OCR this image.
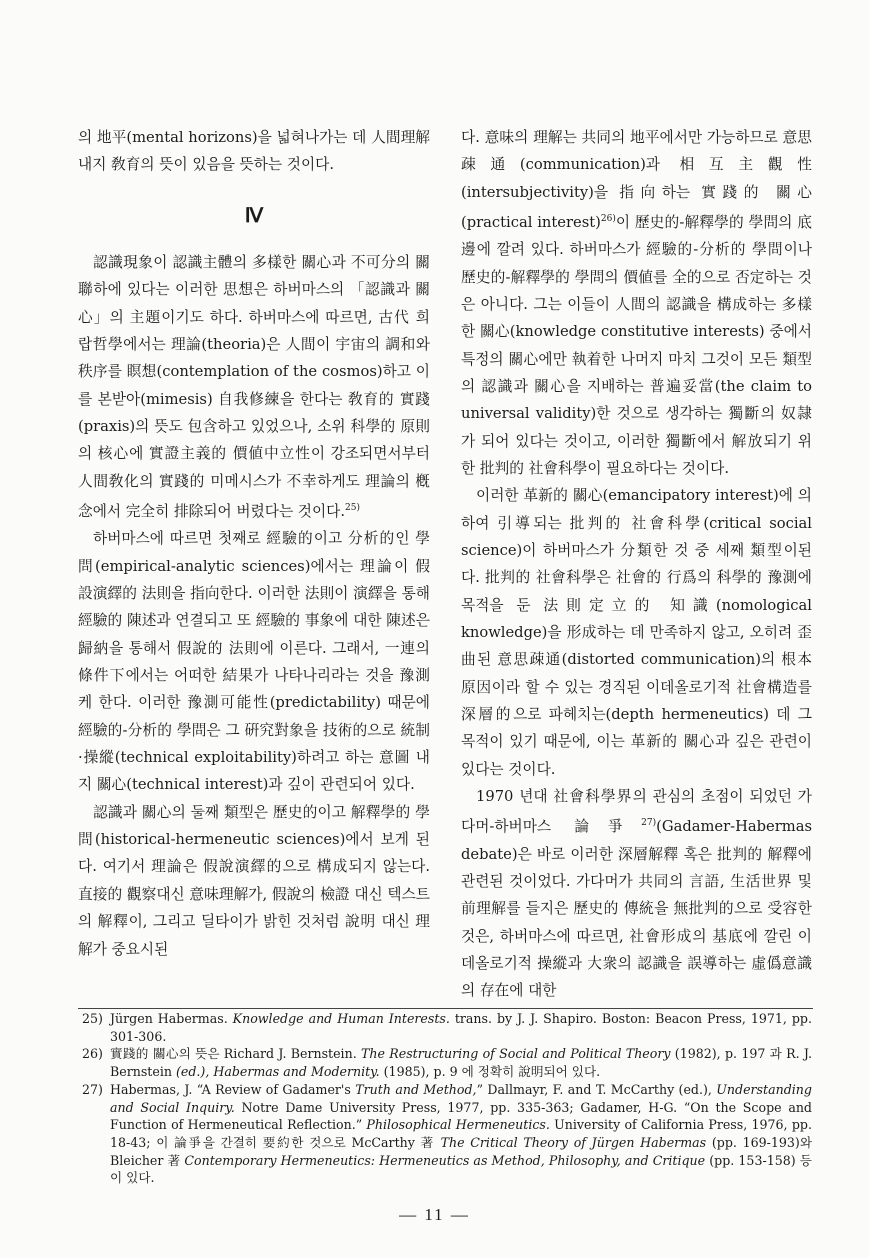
의 地平(mental horizons)을 넓혀나가는 데 人間理解 내지 敎育의 뜻이 있음을 뜻하는 것이다.

Ⅳ

認識現象이 認識主體의 多樣한 關心과 不可分의 關聯하에 있다는 이러한 思想은 하버마스의 「認識과 關心」의 主題이기도 하다. 하버마스에 따르면, 古代 희랍哲學에서는 理論(theoria)은 人間이 宇宙의 調和와 秩序를 瞑想(contemplation of the cosmos)하고 이를 본받아(mimesis) 自我修練을 한다는 敎育的 實踐(praxis)의 뜻도 包含하고 있었으나, 소위 科學的 原則의 核心에 實證主義的 價値中立性이 강조되면서부터 人間敎化의 實踐的 미메시스가 不幸하게도 理論의 槪念에서 完全히 排除되어 버렸다는 것이다.$^{25)}$

하버마스에 따르면 첫째로 經驗的이고 分析的인 學問(empirical-analytic sciences)에서는 理論이 假設演繹的 法則을 指向한다. 이러한 法則이 演繹을 통해 經驗的 陳述과 연결되고 또 經驗的 事象에 대한 陳述은 歸納을 통해서 假說的 法則에 이른다. 그래서, 一連의 條件下에서는 어떠한 結果가 나타나리라는 것을 豫測케 한다. 이러한 豫測可能性(predictability) 때문에 經驗的-分析的 學問은 그 硏究對象을 技術的으로 統制·操縱(technical exploitability)하려고 하는 意圖 내지 關心(technical interest)과 깊이 관련되어 있다.

認識과 關心의 둘째 類型은 歷史的이고 解釋學的 學問(historical-hermeneutic sciences)에서 보게 된다. 여기서 理論은 假說演繹的으로 構成되지 않는다. 直接的 觀察대신 意味理解가, 假說의 檢證 대신 텍스트의 解釋이, 그리고 딜타이가 밝힌 것처럼 說明 대신 理解가 중요시된

다. 意味의 理解는 共同의 地平에서만 가능하므로 意思疎通(communication)과 相互主觀性(intersubjectivity)을 指向하는 實踐的 關心(practical interest)$^{26)}$이 歷史的-解釋學的 學問의 底邊에 깔려 있다. 하버마스가 經驗的-分析的 學問이나 歷史的-解釋學的 學問의 價値를 全的으로 否定하는 것은 아니다. 그는 이들이 人間의 認識을 構成하는 多樣한 關心(knowledge constitutive interests) 중에서 특정의 關心에만 執着한 나머지 마치 그것이 모든 類型의 認識과 關心을 지배하는 普遍妥當(the claim to universal validity)한 것으로 생각하는 獨斷의 奴隷가 되어 있다는 것이고, 이러한 獨斷에서 解放되기 위한 批判的 社會科學이 필요하다는 것이다.

이러한 革新的 關心(emancipatory interest)에 의하여 引導되는 批判的 社會科學(critical social science)이 하버마스가 分類한 것 중 세째 類型이된다. 批判的 社會科學은 社會的 行爲의 科學的 豫測에 목적을 둔 法則定立的 知識(nomological knowledge)을 形成하는 데 만족하지 않고, 오히려 歪曲된 意思疎通(distorted communication)의 根本原因이라 할 수 있는 경직된 이데올로기적 社會構造를 深層的으로 파헤치는(depth hermeneutics) 데 그 목적이 있기 때문에, 이는 革新的 關心과 깊은 관련이 있다는 것이다.

1970 년대 社會科學界의 관심의 초점이 되었던 가다머-하버마스 論爭$^{27)}$(Gadamer-Habermas debate)은 바로 이러한 深層解釋 혹은 批判的 解釋에 관련된 것이었다. 가다머가 共同의 言語, 生活世界 및 前理解를 들지은 歷史的 傳統을 無批判的으로 受容한 것은, 하버마스에 따르면, 社會形成의 基底에 깔린 이데올로기적 操縱과 大衆의 認識을 誤導하는 虛僞意識의 存在에 대한

25) Jürgen Habermas. Knowledge and Human Interests. trans. by J. J. Shapiro. Boston: Beacon Press, 1971, pp. 301-306.
26) 實踐的 關心의 뜻은 Richard J. Bernstein. The Restructuring of Social and Political Theory (1982), p. 197 과 R. J. Bernstein (ed.), Habermas and Modernity. (1985), p. 9 에 정확히 說明되어 있다.
27) Habermas, J. “A Review of Gadamer's Truth and Method,” Dallmayr, F. and T. McCarthy (ed.), Understanding and Social Inquiry. Notre Dame University Press, 1977, pp. 335-363; Gadamer, H-G. “On the Scope and Function of Hermeneutical Reflection.” Philosophical Hermeneutics. University of California Press, 1976, pp. 18-43; 이 論爭을 간결히 要約한 것으로 McCarthy 著 The Critical Theory of Jürgen Habermas (pp. 169-193)와 Bleicher 著 Contemporary Hermeneutics: Hermeneutics as Method, Philosophy, and Critique (pp. 153-158) 등이 있다.
— 11 —
